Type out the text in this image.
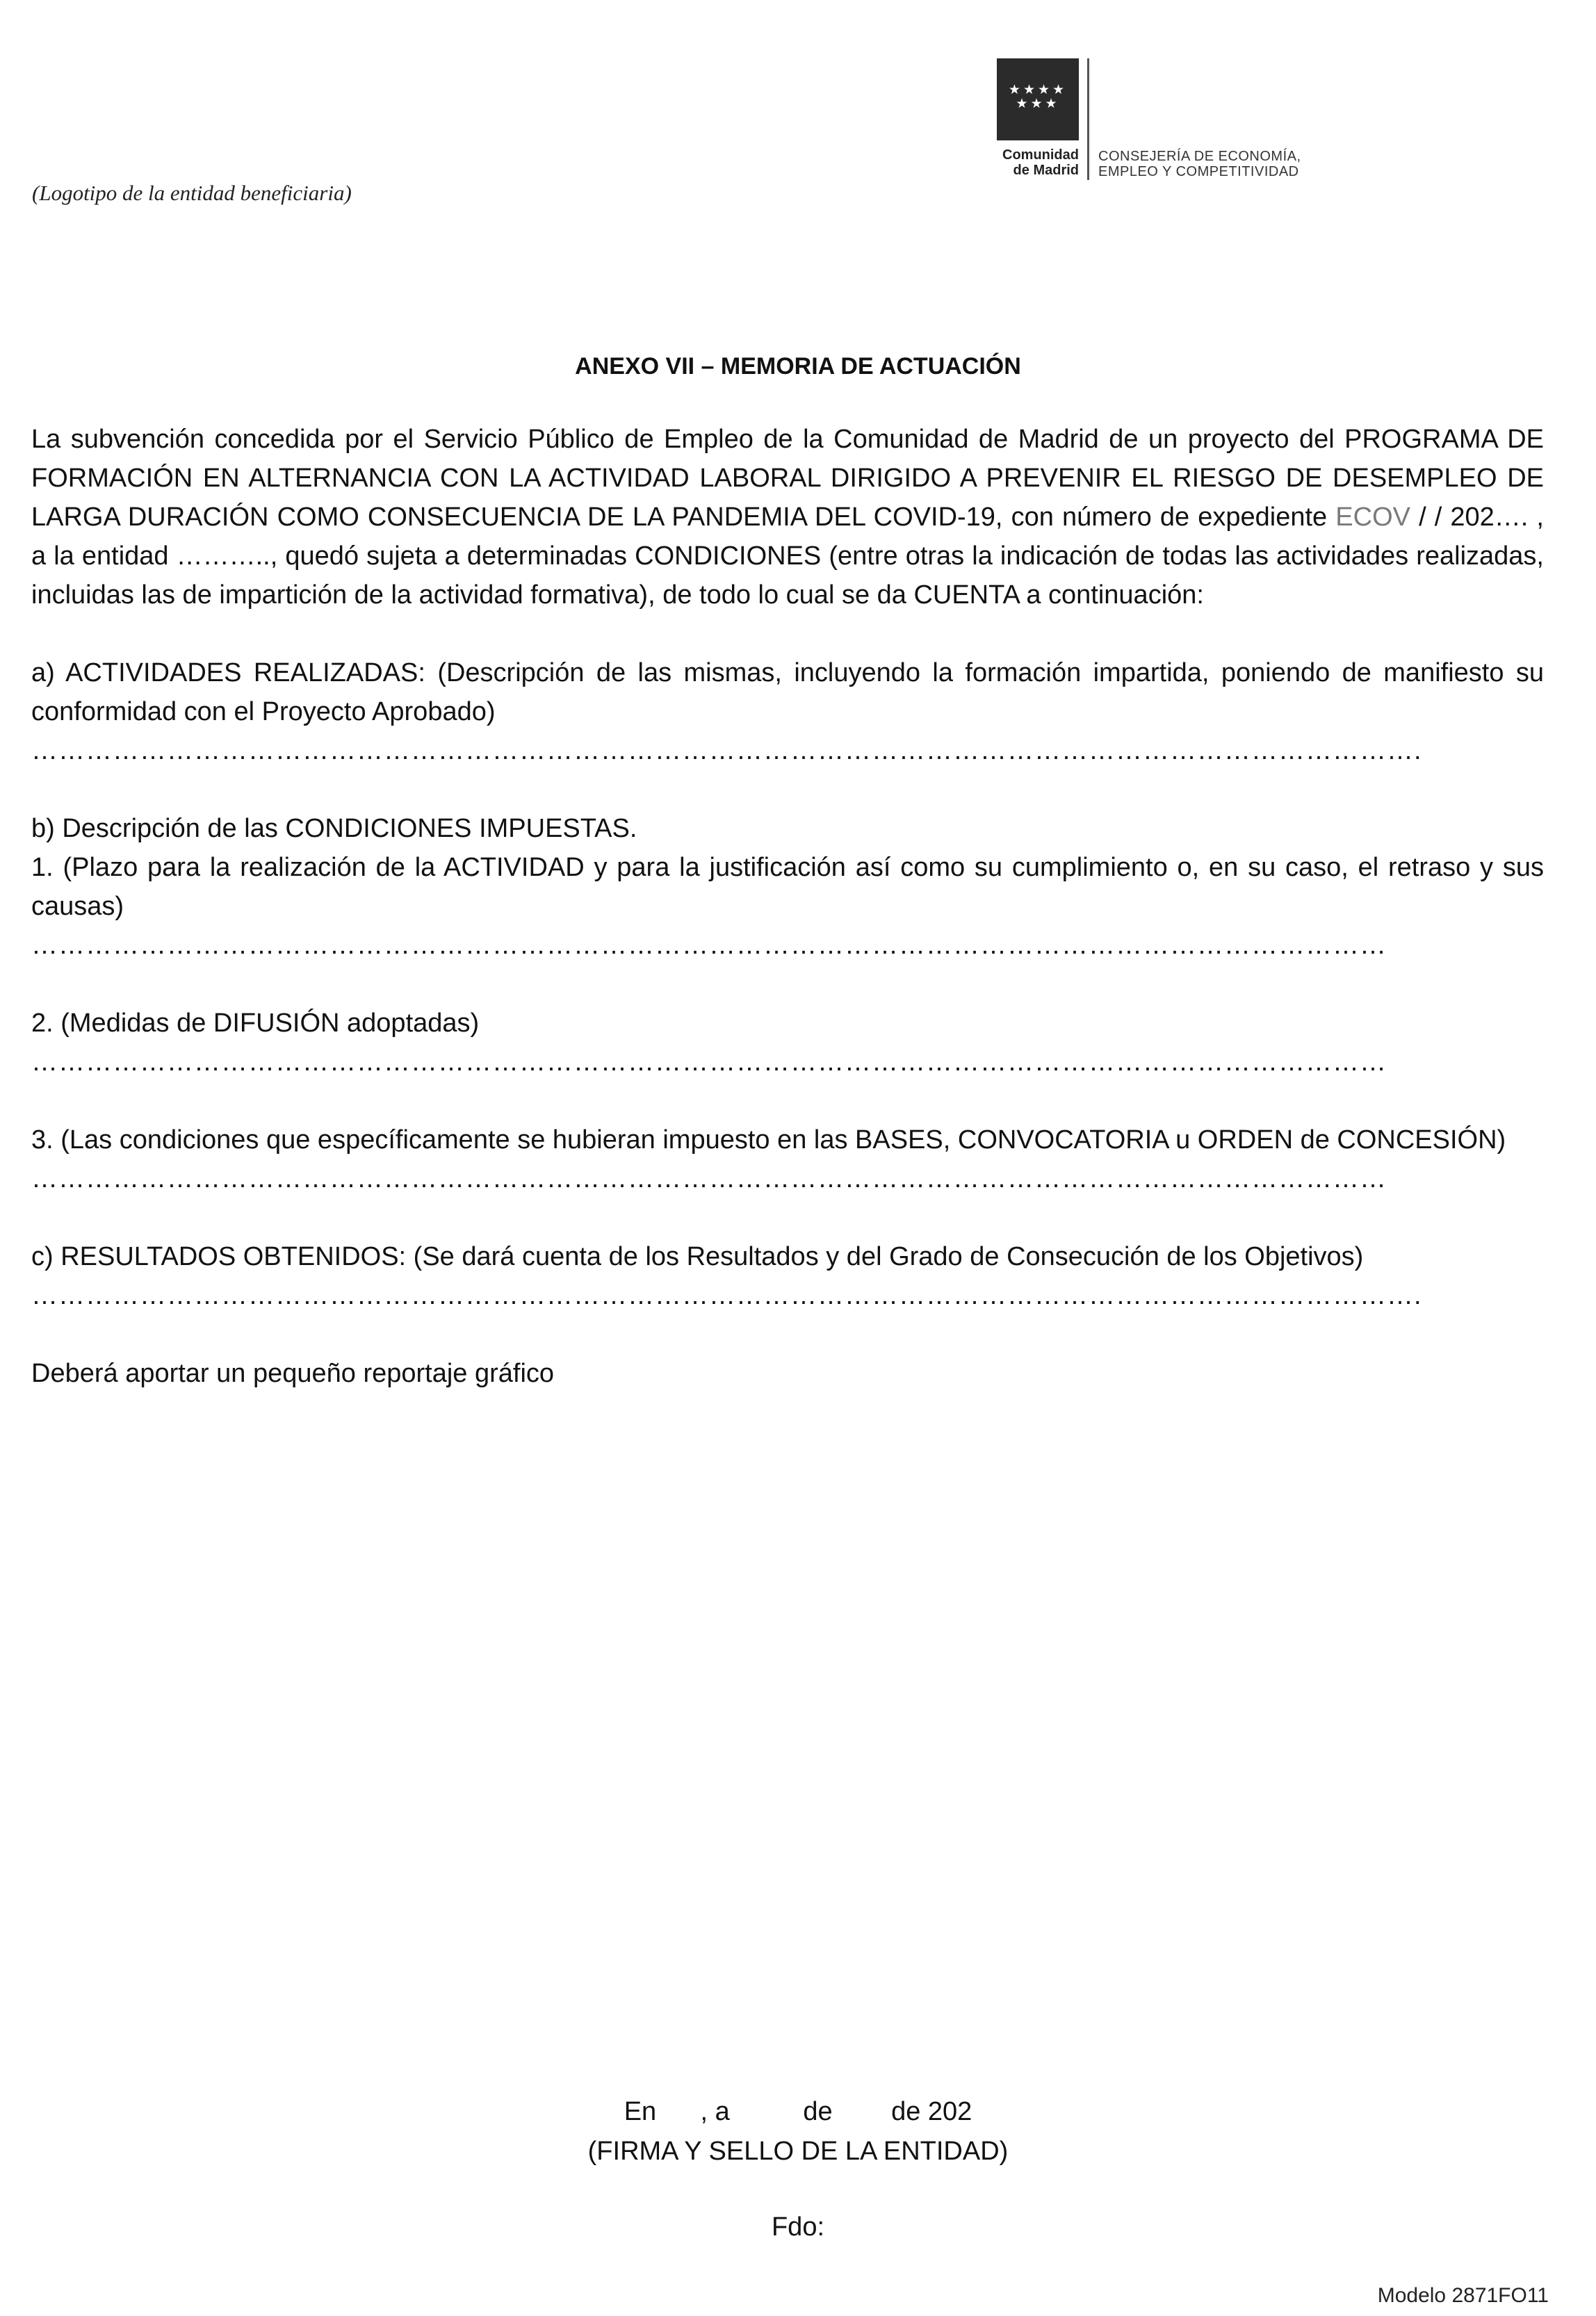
(Logotipo de la entidad beneficiaria)
★★★★ ★★★
Comunidad
de Madrid
CONSEJERÍA DE ECONOMÍA,
EMPLEO Y COMPETITIVIDAD
ANEXO VII – MEMORIA DE ACTUACIÓN

La subvención concedida por el Servicio Público de Empleo de la Comunidad de Madrid de un proyecto del PROGRAMA DE FORMACIÓN EN ALTERNANCIA CON LA ACTIVIDAD LABORAL DIRIGIDO A PREVENIR EL RIESGO DE DESEMPLEO DE LARGA DURACIÓN COMO CONSECUENCIA DE LA PANDEMIA DEL COVID-19, con número de expediente ECOV / / 202…. , a la entidad ……….., quedó sujeta a determinadas CONDICIONES (entre otras la indicación de todas las actividades realizadas, incluidas las de impartición de la actividad formativa), de todo lo cual se da CUENTA a continuación:

a) ACTIVIDADES REALIZADAS: (Descripción de las mismas, incluyendo la formación impartida, poniendo de manifiesto su conformidad con el Proyecto Aprobado)

……………………………………………………………………………………………………………………………………….

b) Descripción de las CONDICIONES IMPUESTAS.

1. (Plazo para la realización de la ACTIVIDAD y para la justificación así como su cumplimiento o, en su caso, el retraso y sus causas)

……………………………………………………………………………………………………………………………………

2. (Medidas de DIFUSIÓN adoptadas)

……………………………………………………………………………………………………………………………………

3. (Las condiciones que específicamente se hubieran impuesto en las BASES, CONVOCATORIA u ORDEN de CONCESIÓN)

……………………………………………………………………………………………………………………………………

c) RESULTADOS OBTENIDOS: (Se dará cuenta de los Resultados y del Grado de Consecución de los Objetivos)

……………………………………………………………………………………………………………………………………….

Deberá aportar un pequeño reportaje gráfico

En      , a          de        de 202
(FIRMA Y SELLO DE LA ENTIDAD)
Fdo:
Modelo 2871FO11
